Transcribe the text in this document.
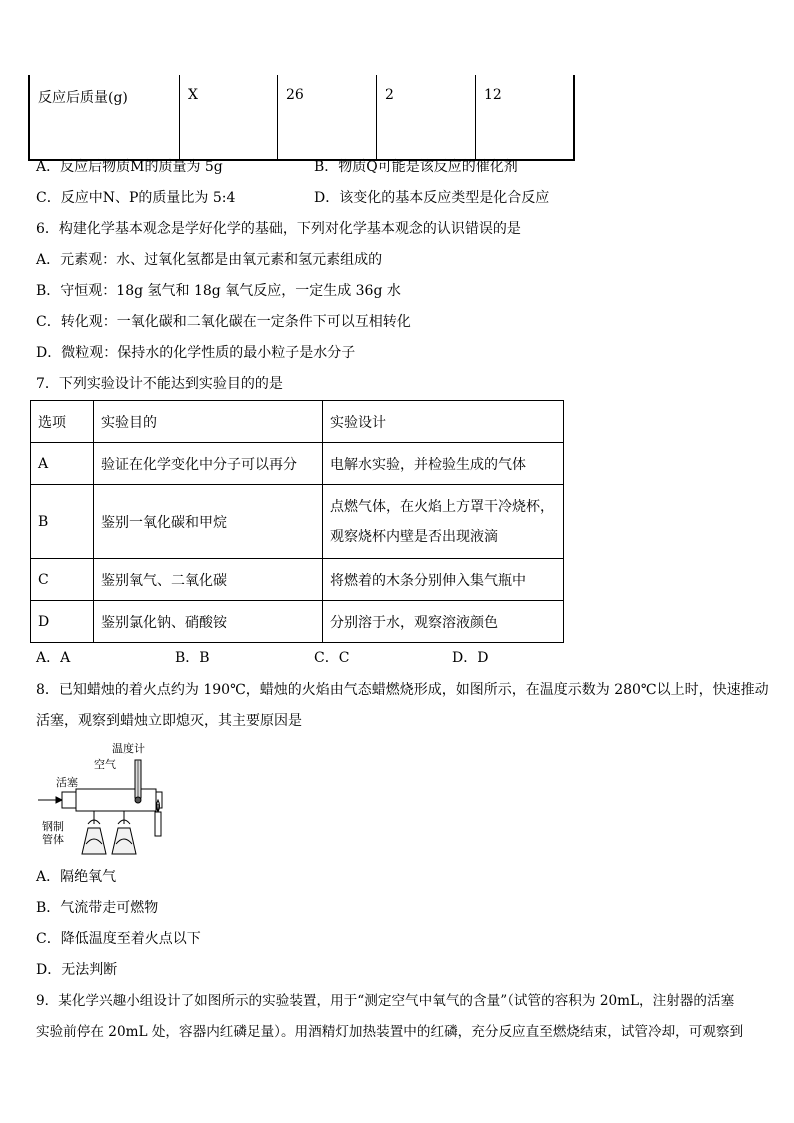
反应后质量(g)	X	26	2	12
A．反应后物质M的质量为 5g	B．物质Q可能是该反应的催化剂
C．反应中N、P的质量比为 5:4	D．该变化的基本反应类型是化合反应
6．构建化学基本观念是学好化学的基础，下列对化学基本观念的认识错误的是
A．元素观：水、过氧化氢都是由氧元素和氢元素组成的
B．守恒观：18g 氢气和 18g 氧气反应，一定生成 36g 水
C．转化观：一氧化碳和二氧化碳在一定条件下可以互相转化
D．微粒观：保持水的化学性质的最小粒子是水分子
7．下列实验设计不能达到实验目的的是
选项	实验目的	实验设计
A	验证在化学变化中分子可以再分	电解水实验，并检验生成的气体
B	鉴别一氧化碳和甲烷	点燃气体，在火焰上方罩干冷烧杯，
观察烧杯内壁是否出现液滴

C	鉴别氧气、二氧化碳	将燃着的木条分别伸入集气瓶中
D	鉴别氯化钠、硝酸铵	分别溶于水，观察溶液颜色
A．A	B．B	C．C	D．D
8．已知蜡烛的着火点约为 190℃，蜡烛的火焰由气态蜡燃烧形成，如图所示，在温度示数为 280℃以上时，快速推动
活塞，观察到蜡烛立即熄灭，其主要原因是
温度计
空气
活塞
钢制
管体
A．隔绝氧气
B．气流带走可燃物
C．降低温度至着火点以下
D．无法判断
9．某化学兴趣小组设计了如图所示的实验装置，用于“测定空气中氧气的含量”（试管的容积为 20mL，注射器的活塞
实验前停在 20mL 处，容器内红磷足量）。用酒精灯加热装置中的红磷，充分反应直至燃烧结束，试管冷却，可观察到
